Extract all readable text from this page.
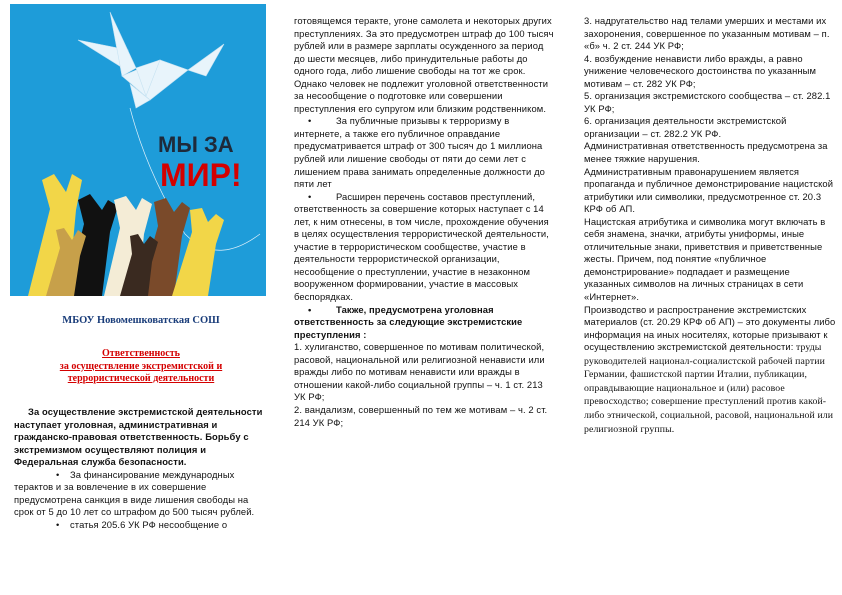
МЫ ЗА
МИР!
МБОУ Новомешковатская СОШ
Ответственность
за осуществление экстремистской и
террористической деятельности

За осуществление экстремистской деятельности наступает уголовная, административная и гражданско-правовая ответственность. Борьбу с экстремизмом осуществляют полиция и Федеральная служба безопасности.

• За финансирование международных терактов и за вовлечение в их совершение предусмотрена санкция в виде лишения свободы на срок от 5 до 10 лет со штрафом до 500 тысяч рублей.

• статья 205.6 УК РФ несообщение о

готовящемся теракте, угоне самолета и некоторых других преступлениях. За это предусмотрен штраф до 100 тысяч рублей или в размере зарплаты осужденного за период до шести месяцев, либо принудительные работы до одного года, либо лишение свободы на тот же срок. Однако человек не подлежит уголовной ответственности за несообщение о подготовке или совершении преступления его супругом или близким родственником.

• За публичные призывы к терроризму в интернете, а также его публичное оправдание предусматривается штраф от 300 тысяч до 1 миллиона рублей или лишение свободы от пяти до семи лет с лишением права занимать определенные должности до пяти лет

• Расширен перечень составов преступлений, ответственность за совершение которых наступает с 14 лет, к ним отнесены, в том числе, прохождение обучения в целях осуществления террористической деятельности, участие в террористическом сообществе, участие в деятельности террористической организации, несообщение о преступлении, участие в незаконном вооруженном формировании, участие в массовых беспорядках.

• Также, предусмотрена уголовная ответственность за следующие экстремистские преступления :

1. хулиганство, совершенное по мотивам политической, расовой, национальной или религиозной ненависти или вражды либо по мотивам ненависти или вражды в отношении какой-либо социальной группы – ч. 1 ст. 213 УК РФ;

2. вандализм, совершенный по тем же мотивам – ч. 2 ст. 214 УК РФ;

3. надругательство над телами умерших и местами их захоронения, совершенное по указанным мотивам – п. «б» ч. 2 ст. 244 УК РФ;

4. возбуждение ненависти либо вражды, а равно унижение человеческого достоинства по указанным мотивам – ст. 282 УК РФ;

5. организация экстремистского сообщества – ст. 282.1 УК РФ;

6. организация деятельности экстремистской организации – ст. 282.2 УК РФ.

Административная ответственность предусмотрена за менее тяжкие нарушения.

Административным правонарушением является пропаганда и публичное демонстрирование нацистской атрибутики или символики, предусмотренное ст. 20.3 КРФ об АП.

Нацистская атрибутика и символика могут включать в себя знамена, значки, атрибуты униформы, иные отличительные знаки, приветствия и приветственные жесты. Причем, под понятие «публичное демонстрирование» подпадает и размещение указанных символов на личных страницах в сети «Интернет».

Производство и распространение экстремистских материалов (ст. 20.29 КРФ об АП) – это документы либо информация на иных носителях, которые призывают к осуществлению экстремистской деятельности: труды руководителей национал-социалистской рабочей партии Германии, фашистской партии Италии, публикации, оправдывающие национальное и (или) расовое превосходство; совершение преступлений против какой-либо этнической, социальной, расовой, национальной или религиозной группы.
